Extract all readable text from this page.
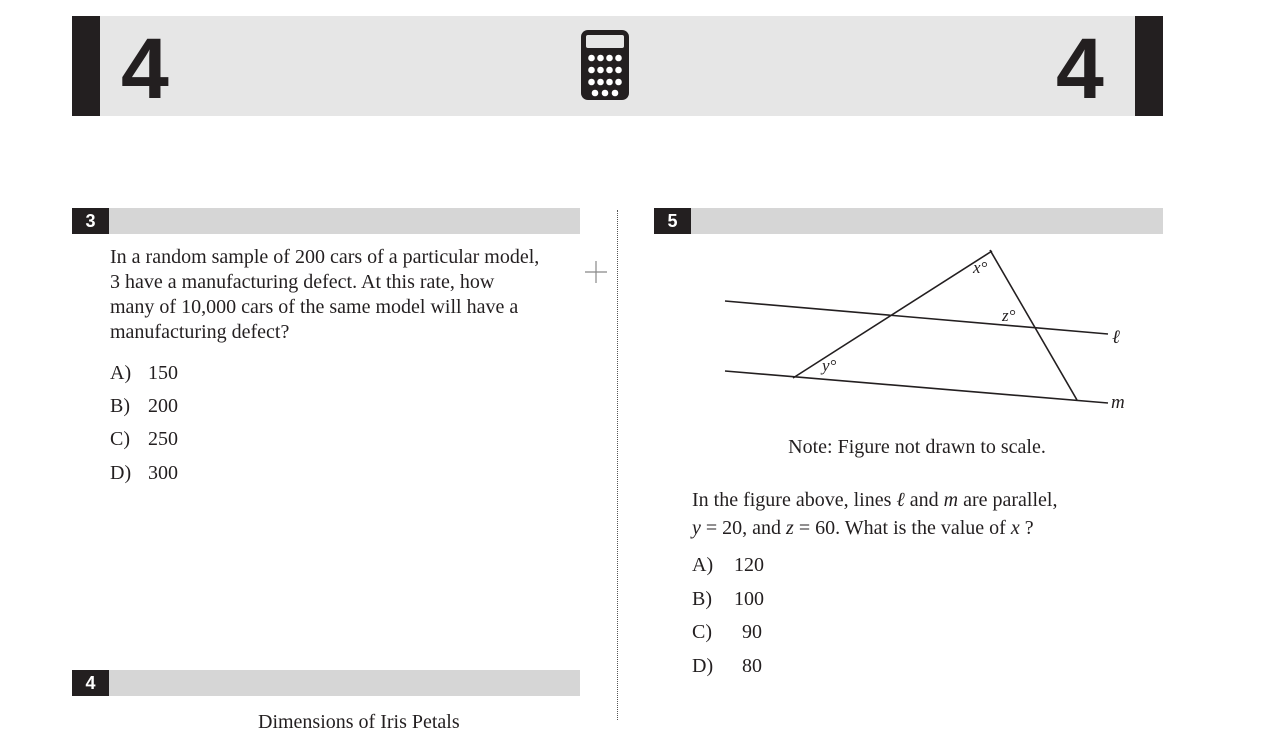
4	4
3
In a random sample of 200 cars of a particular model,
3 have a manufacturing defect. At this rate, how
many of 10,000 cars of the same model will have a
manufacturing defect?
A) 150
B) 200
C) 250
D) 300
4
Dimensions of Iris Petals
5
x°
z°
y°
ℓ
m
Note: Figure not drawn to scale.
In the figure above, lines ℓ and m are parallel,
y = 20, and z = 60. What is the value of x ?
A) 120
B) 100
C) 90
D) 80
